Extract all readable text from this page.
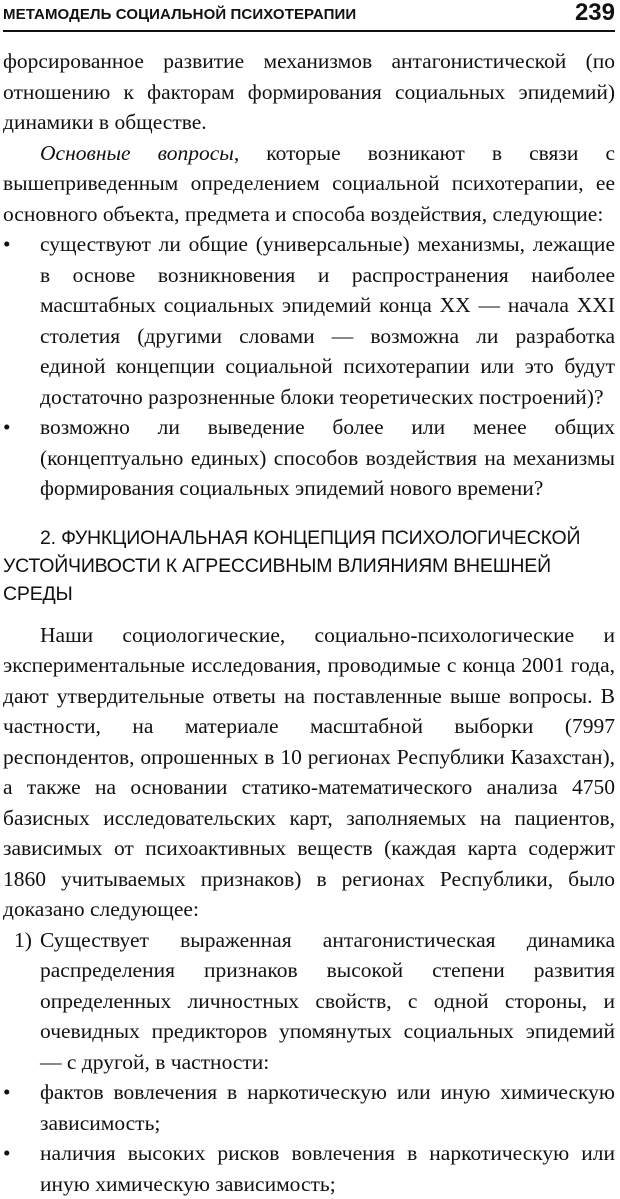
МЕТАМОДЕЛЬ СОЦИАЛЬНОЙ ПСИХОТЕРАПИИ	239

форсированное развитие механизмов антагонистической (по отношению к факторам формирования социальных эпидемий) динамики в обществе.

Основные вопросы, которые возникают в связи с вышеприведенным определением социальной психотерапии, ее основного объекта, предмета и способа воздействия, следующие:

• существуют ли общие (универсальные) механизмы, лежащие в основе возникновения и распространения наиболее масштабных социальных эпидемий конца XX — начала XXI столетия (другими словами — возможна ли разработка единой концепции социальной психотерапии или это будут достаточно разрозненные блоки теоретических построений)?
• возможно ли выведение более или менее общих (концептуально единых) способов воздействия на механизмы формирования социальных эпидемий нового времени?
2. ФУНКЦИОНАЛЬНАЯ КОНЦЕПЦИЯ ПСИХОЛОГИЧЕСКОЙ УСТОЙЧИВОСТИ К АГРЕССИВНЫМ ВЛИЯНИЯМ ВНЕШНЕЙ СРЕДЫ

Наши социологические, социально-психологические и экспериментальные исследования, проводимые с конца 2001 года, дают утвердительные ответы на поставленные выше вопросы. В частности, на материале масштабной выборки (7997 респондентов, опрошенных в 10 регионах Республики Казахстан), а также на основании статико-математического анализа 4750 базисных исследовательских карт, заполняемых на пациентов, зависимых от психоактивных веществ (каждая карта содержит 1860 учитываемых признаков) в регионах Республики, было доказано следующее:

1) Существует выраженная антагонистическая динамика распределения признаков высокой степени развития определенных личностных свойств, с одной стороны, и очевидных предикторов упомянутых социальных эпидемий — с другой, в частности:
• фактов вовлечения в наркотическую или иную химическую зависимость;
• наличия высоких рисков вовлечения в наркотическую или иную химическую зависимость;
